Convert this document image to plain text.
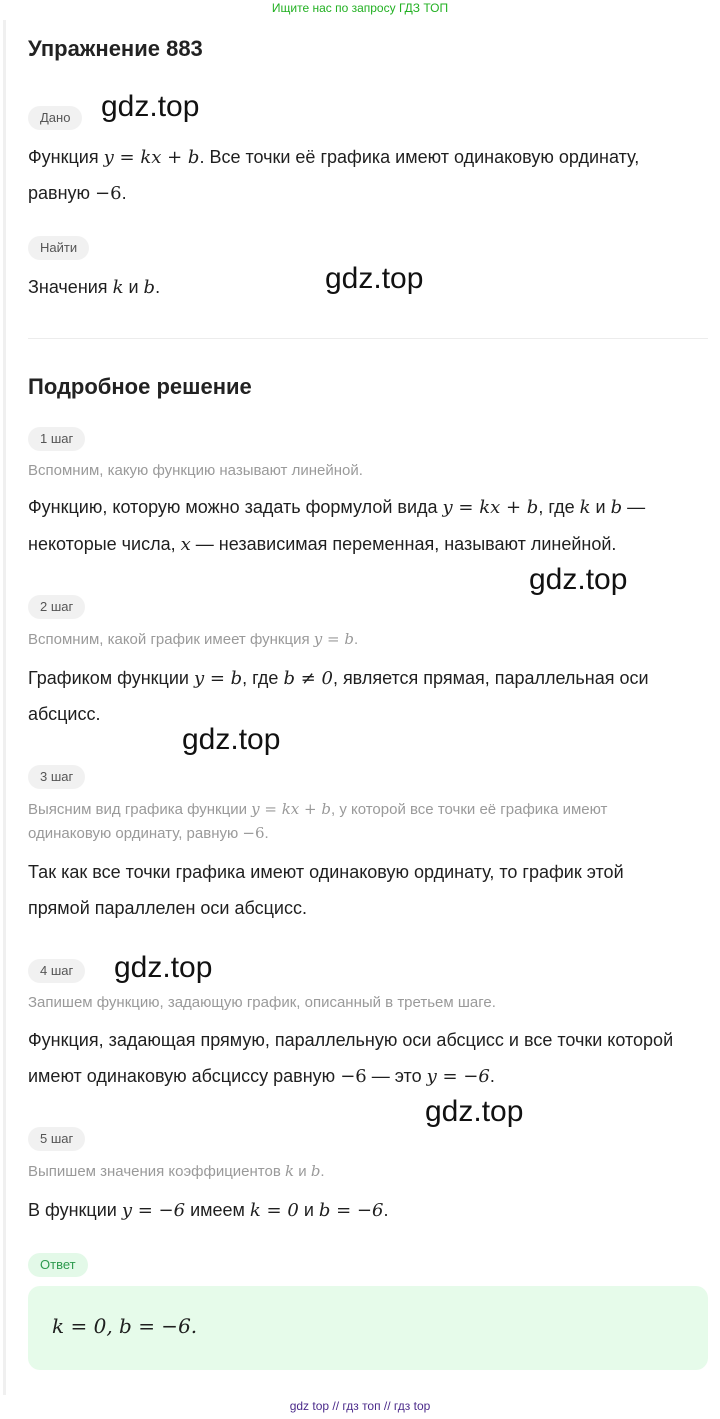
Ищите нас по запросу ГДЗ ТОП
Упражнение 883
Дано
Функция y = kx + b. Все точки её графика имеют одинаковую ординату,
равную −6.
Найти
Значения k и b.
Подробное решение
1 шаг
Вспомним, какую функцию называют линейной.
Функцию, которую можно задать формулой вида y = kx + b, где k и b —
некоторые числа, x — независимая переменная, называют линейной.
2 шаг
Вспомним, какой график имеет функция y = b.
Графиком функции y = b, где b ≠ 0, является прямая, параллельная оси
абсцисс.
3 шаг
Выясним вид графика функции y = kx + b, у которой все точки её графика имеют
одинаковую ординату, равную −6.
Так как все точки графика имеют одинаковую ординату, то график этой
прямой параллелен оси абсцисс.
4 шаг
Запишем функцию, задающую график, описанный в третьем шаге.
Функция, задающая прямую, параллельную оси абсцисс и все точки которой
имеют одинаковую абсциссу равную −6 — это y = −6.
5 шаг
Выпишем значения коэффициентов k и b.
В функции y = −6 имеем k = 0 и b = −6.
Ответ
k = 0, b = −6.
gdz.top
gdz.top
gdz.top
gdz.top
gdz.top
gdz.top
gdz top // гдз топ // гдз top
